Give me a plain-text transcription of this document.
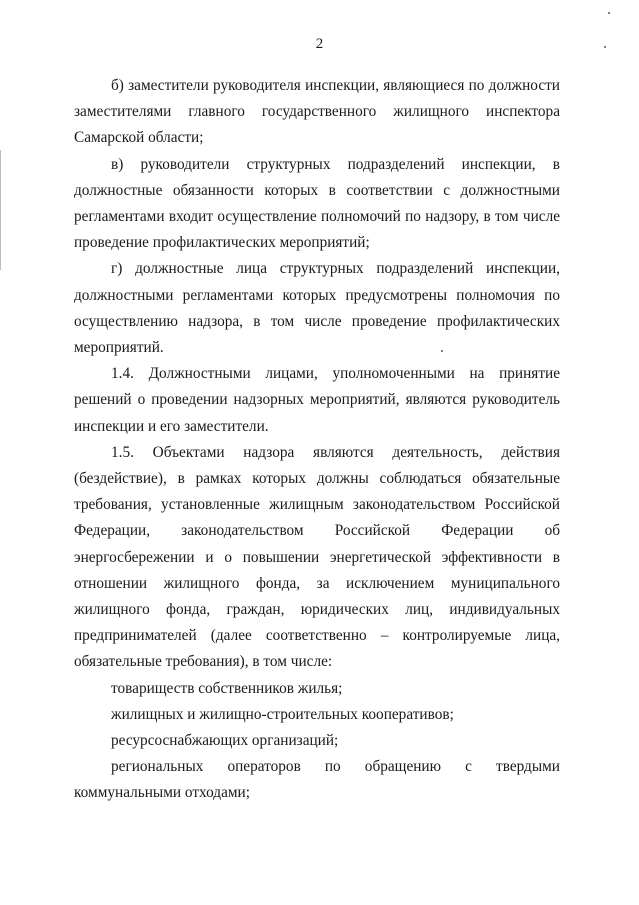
2

б) заместители руководителя инспекции, являющиеся по должности заместителями главного государственного жилищного инспектора Самарской области;

в) руководители структурных подразделений инспекции, в должностные обязанности которых в соответствии с должностными регламентами входит осуществление полномочий по надзору, в том числе проведение профилактических мероприятий;

г) должностные лица структурных подразделений инспекции, должностными регламентами которых предусмотрены полномочия по осуществлению надзора, в том числе проведение профилактических мероприятий.

1.4. Должностными лицами, уполномоченными на принятие решений о проведении надзорных мероприятий, являются руководитель инспекции и его заместители.

1.5. Объектами надзора являются деятельность, действия (бездействие), в рамках которых должны соблюдаться обязательные требования, установленные жилищным законодательством Российской Федерации, законодательством Российской Федерации об энергосбережении и о повышении энергетической эффективности в отношении жилищного фонда, за исключением муниципального жилищного фонда, граждан, юридических лиц, индивидуальных предпринимателей (далее соответственно – контролируемые лица, обязательные требования), в том числе:

товариществ собственников жилья;

жилищных и жилищно-строительных кооперативов;

ресурсоснабжающих организаций;

региональных операторов по обращению с твердыми коммунальными отходами;
